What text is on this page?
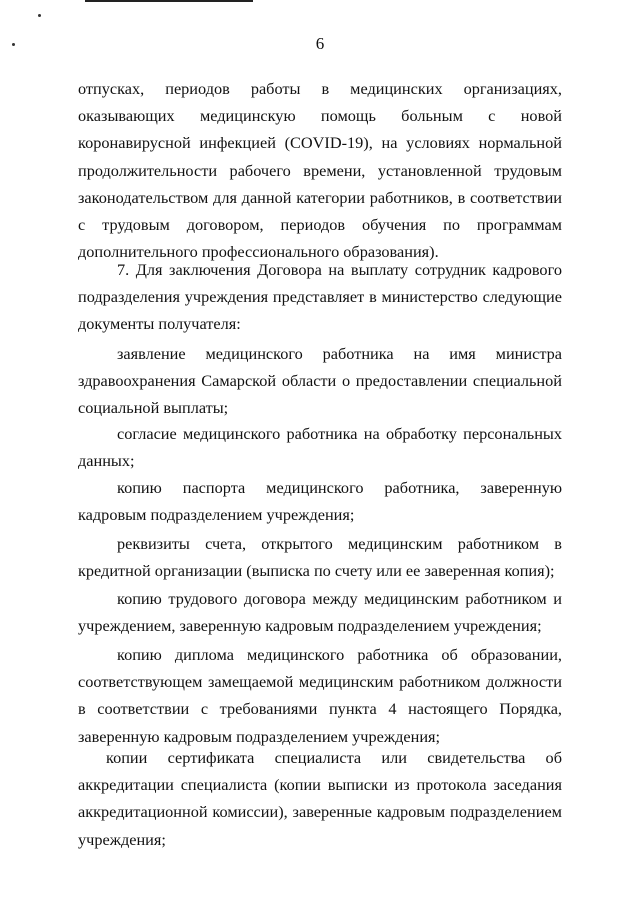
6

отпусках, периодов работы в медицинских организациях, оказывающих медицинскую помощь больным с новой коронавирусной инфекцией (COVID-19), на условиях нормальной продолжительности рабочего времени, установленной трудовым законодательством для данной категории работников, в соответствии с трудовым договором, периодов обучения по программам дополнительного профессионального образования).

7. Для заключения Договора на выплату сотрудник кадрового подразделения учреждения представляет в министерство следующие документы получателя:

заявление медицинского работника на имя министра здравоохранения Самарской области о предоставлении специальной социальной выплаты;

согласие медицинского работника на обработку персональных данных;

копию паспорта медицинского работника, заверенную кадровым подразделением учреждения;

реквизиты счета, открытого медицинским работником в кредитной организации (выписка по счету или ее заверенная копия);

копию трудового договора между медицинским работником и учреждением, заверенную кадровым подразделением учреждения;

копию диплома медицинского работника об образовании, соответствующем замещаемой медицинским работником должности в соответствии с требованиями пункта 4 настоящего Порядка, заверенную кадровым подразделением учреждения;

копии сертификата специалиста или свидетельства об аккредитации специалиста (копии выписки из протокола заседания аккредитационной комиссии), заверенные кадровым подразделением учреждения;
